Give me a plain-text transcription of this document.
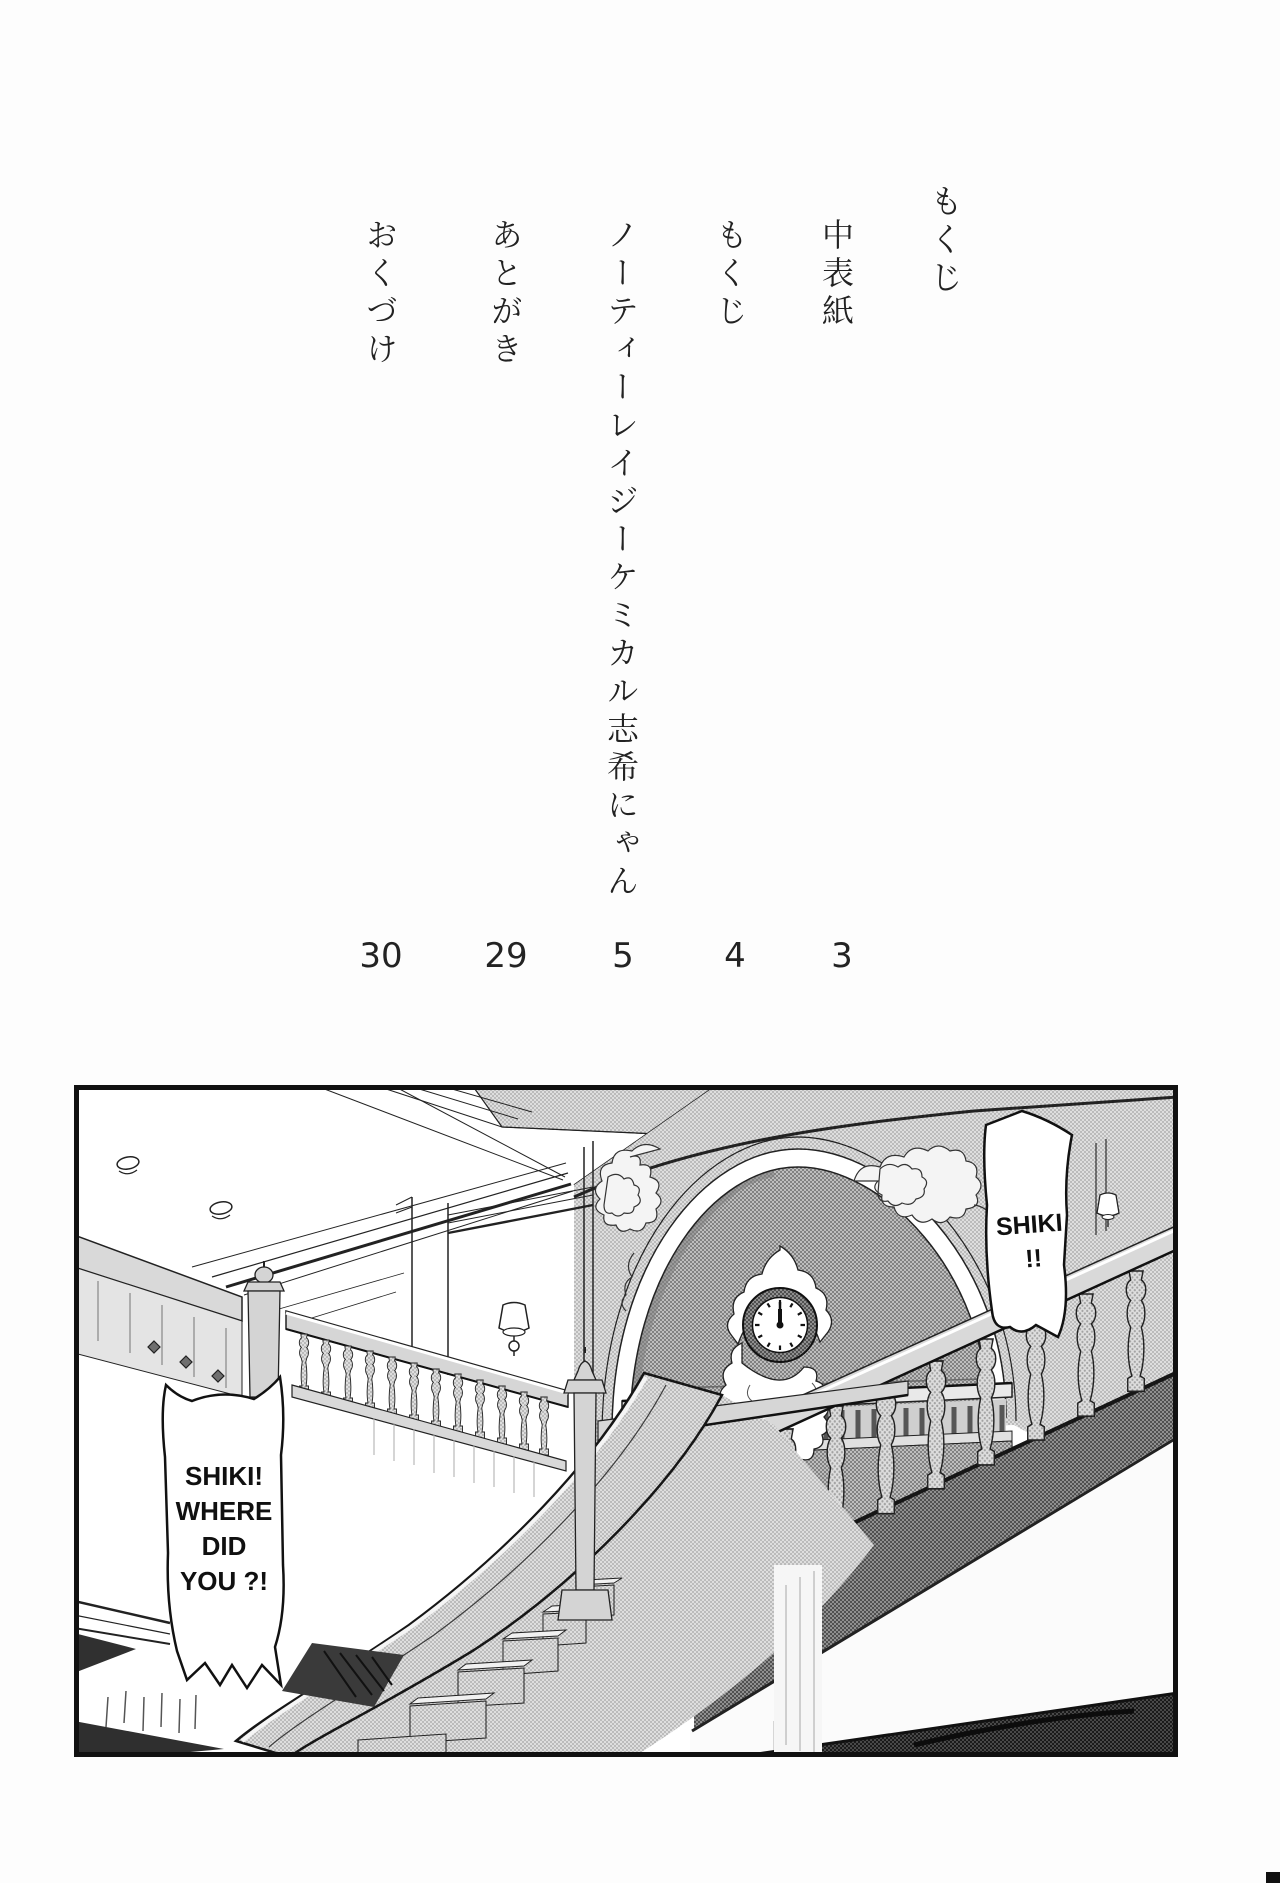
もくじ
中表紙
もくじ
ノーティーレイジーケミカル志希にゃん
あとがき
おくづけ
3
4
5
29
30
SHIKI
!!
SHIKI!
WHERE
DID
YOU ?!
